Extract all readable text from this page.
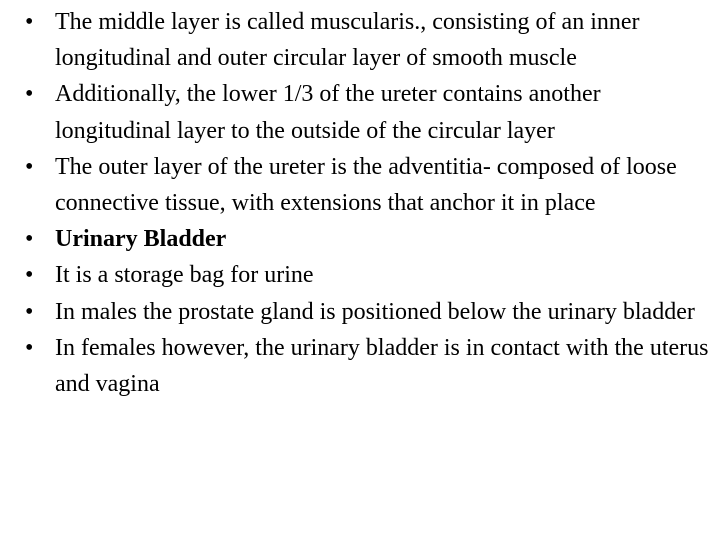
• The middle layer is called muscularis., consisting of an inner longitudinal and outer circular layer of smooth muscle
• Additionally, the lower 1/3 of the ureter contains another longitudinal layer to the outside of the circular layer
• The outer layer of the ureter is the adventitia- composed of loose connective tissue, with extensions that anchor it in place
• Urinary Bladder
• It is a storage bag for urine
• In males the prostate gland is positioned below the urinary bladder
• In females however, the urinary bladder is in contact with the uterus and vagina
